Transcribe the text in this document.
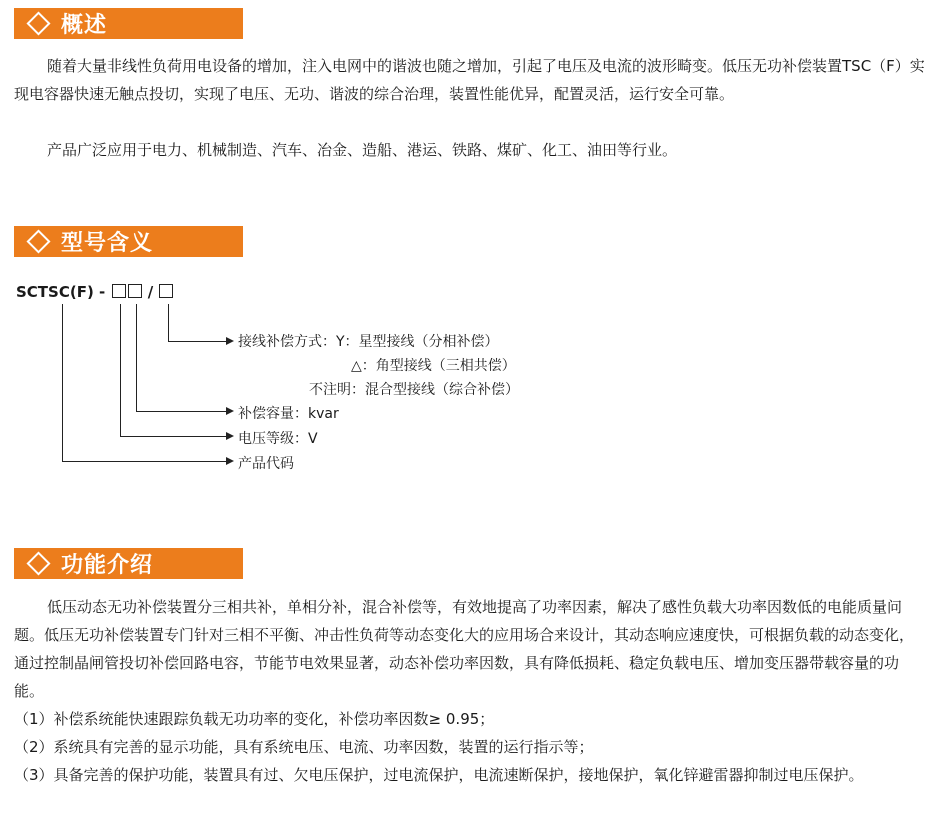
概述

随着大量非线性负荷用电设备的增加，注入电网中的谐波也随之增加，引起了电压及电流的波形畸变。低压无功补偿装置TSC（F）实现电容器快速无触点投切，实现了电压、无功、谐波的综合治理，装置性能优异，配置灵活，运行安全可靠。

产品广泛应用于电力、机械制造、汽车、冶金、造船、港运、铁路、煤矿、化工、油田等行业。

型号含义
SCTSC(F) -	/
接线补偿方式：Y：星型接线（分相补偿）
△：角型接线（三相共偿）
不注明：混合型接线（综合补偿）
补偿容量：kvar
电压等级：V
产品代码
功能介绍

低压动态无功补偿装置分三相共补，单相分补，混合补偿等，有效地提高了功率因素，解决了感性负载大功率因数低的电能质量问题。低压无功补偿装置专门针对三相不平衡、冲击性负荷等动态变化大的应用场合来设计，其动态响应速度快，可根据负载的动态变化，通过控制晶闸管投切补偿回路电容，节能节电效果显著，动态补偿功率因数，具有降低损耗、稳定负载电压、增加变压器带载容量的功能。

（1） 补偿系统能快速跟踪负载无功功率的变化，补偿功率因数≥ 0.95；
（2） 系统具有完善的显示功能，具有系统电压、电流、功率因数，装置的运行指示等；
（3） 具备完善的保护功能，装置具有过、欠电压保护，过电流保护，电流速断保护，接地保护，氧化锌避雷器抑制过电压保护。
